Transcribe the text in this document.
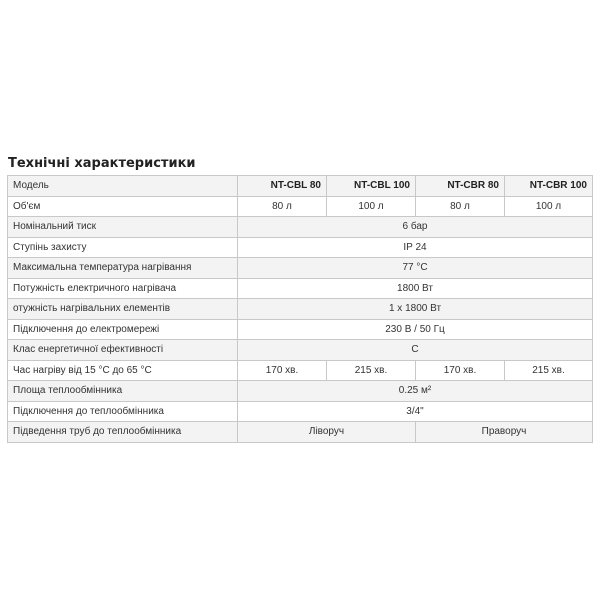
Технічні характеристики
Модель	NT-CBL 80	NT-CBL 100	NT-CBR 80	NT-CBR 100
Об'єм	80 л	100 л	80 л	100 л
Номінальний тиск	6 бар			
Ступінь захисту	IP 24			
Максимальна температура нагрівання	77 °C			
Потужність електричного нагрівача	1800 Вт			
отужність нагрівальних елементів	1 x 1800 Вт			
Підключення до електромережі	230 В / 50 Гц			
Клас енергетичної ефективності	C			
Час нагріву від 15 °C до 65 °C	170 хв.	215 хв.	170 хв.	215 хв.
Площа теплообмінника	0.25 м²			
Підключення до теплообмінника	3/4"			
Підведення труб до теплообмінника	Ліворуч		Праворуч	
